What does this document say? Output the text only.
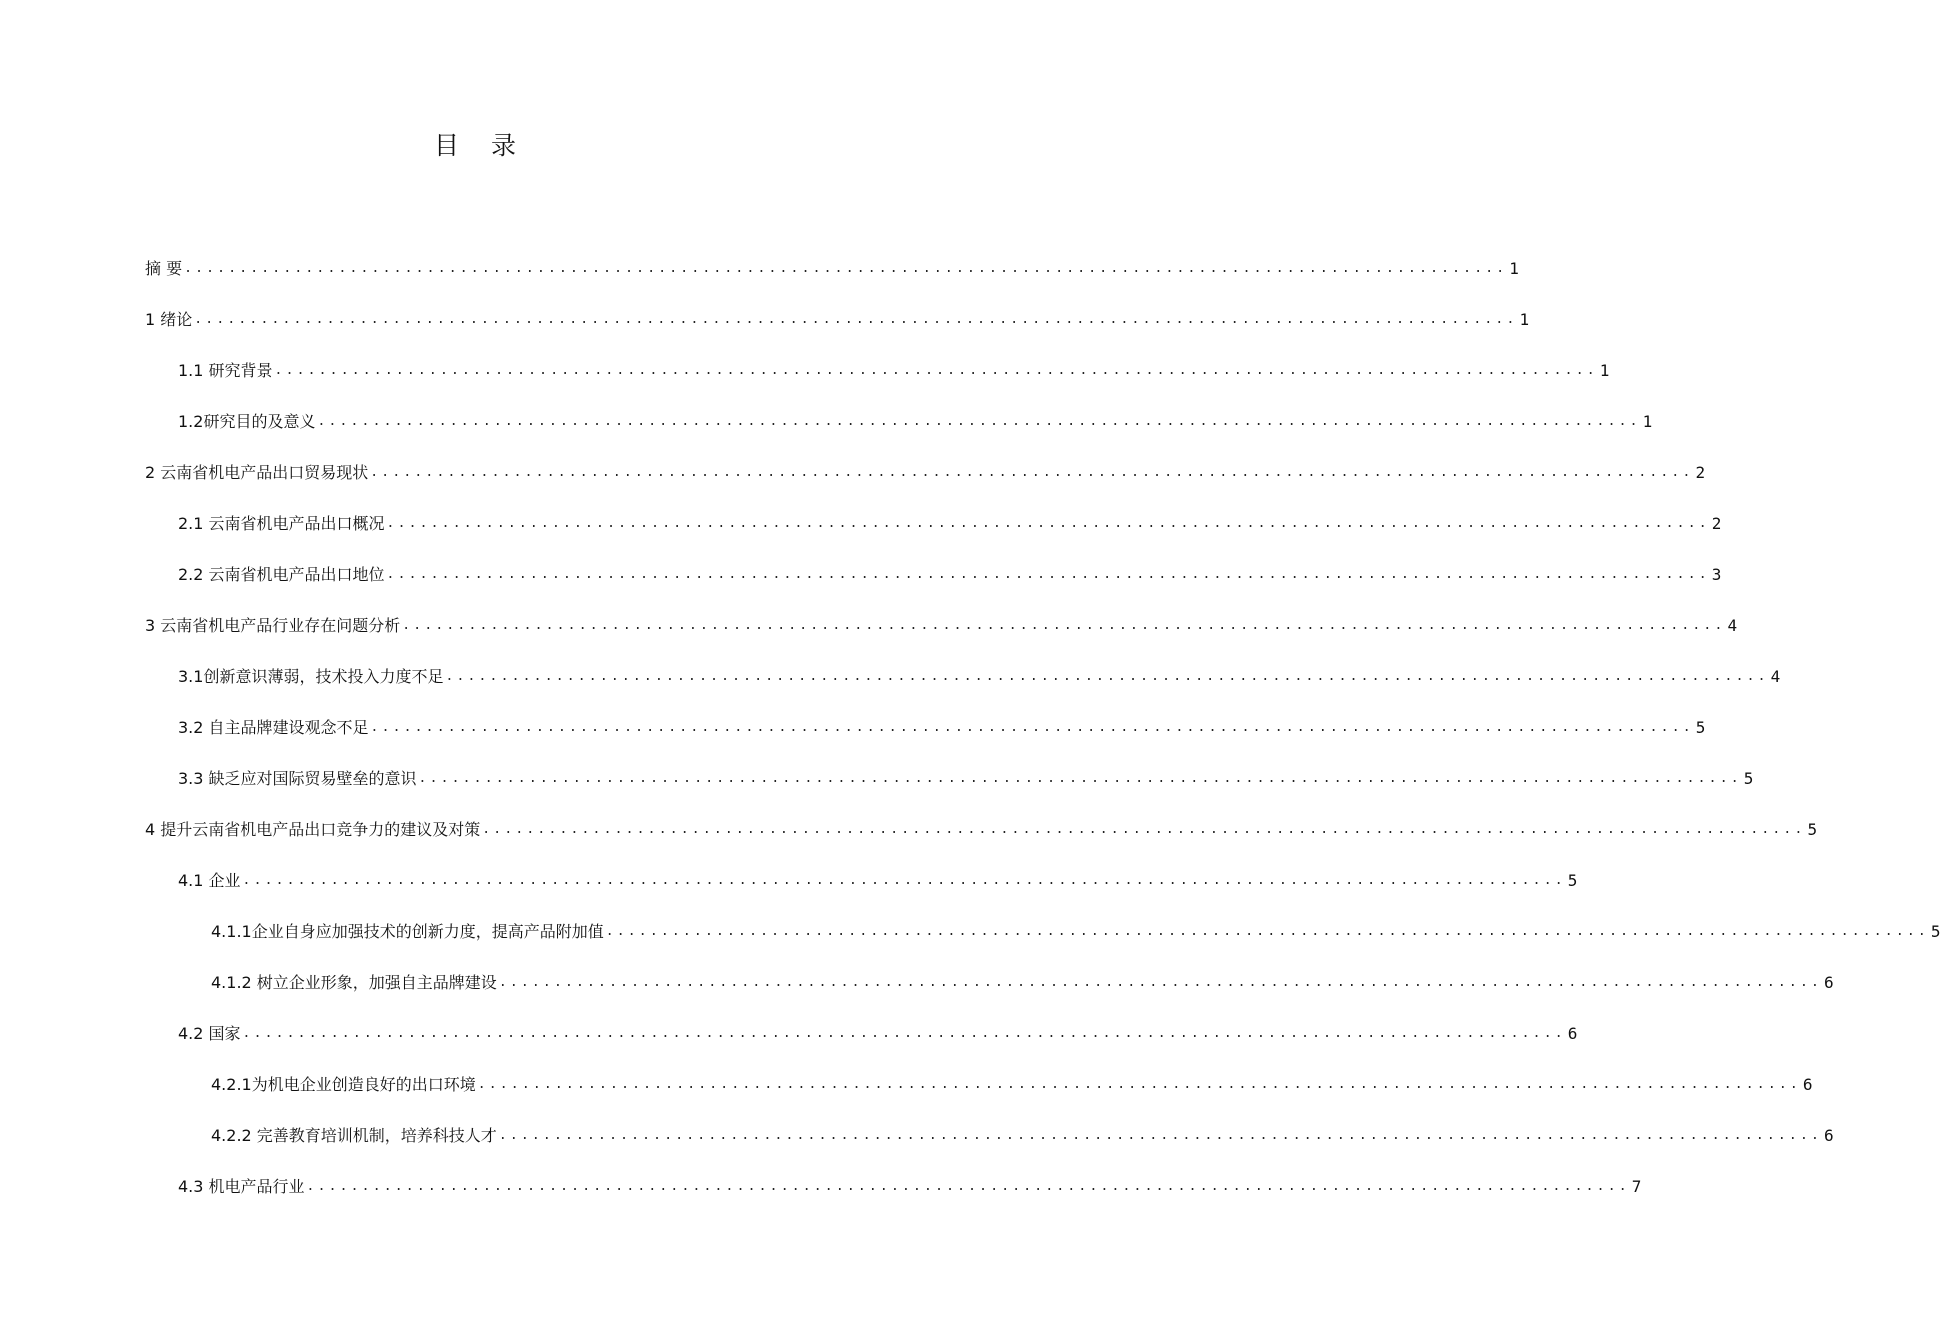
目 录
摘 要 ........................................................................................................................ 1
1 绪论 ........................................................................................................................ 1
1.1 研究背景 ........................................................................................................................ 1
1.2研究目的及意义 ........................................................................................................................ 1
2 云南省机电产品出口贸易现状 ........................................................................................................................ 2
2.1 云南省机电产品出口概况 ........................................................................................................................ 2
2.2 云南省机电产品出口地位 ........................................................................................................................ 3
3 云南省机电产品行业存在问题分析 ........................................................................................................................ 4
3.1创新意识薄弱，技术投入力度不足 ........................................................................................................................ 4
3.2 自主品牌建设观念不足 ........................................................................................................................ 5
3.3 缺乏应对国际贸易壁垒的意识 ........................................................................................................................ 5
4 提升云南省机电产品出口竞争力的建议及对策 ........................................................................................................................ 5
4.1 企业 ........................................................................................................................ 5
4.1.1企业自身应加强技术的创新力度，提高产品附加值 ........................................................................................................................ 5
4.1.2 树立企业形象，加强自主品牌建设 ........................................................................................................................ 6
4.2 国家 ........................................................................................................................ 6
4.2.1为机电企业创造良好的出口环境 ........................................................................................................................ 6
4.2.2 完善教育培训机制，培养科技人才 ........................................................................................................................ 6
4.3 机电产品行业 ........................................................................................................................ 7
